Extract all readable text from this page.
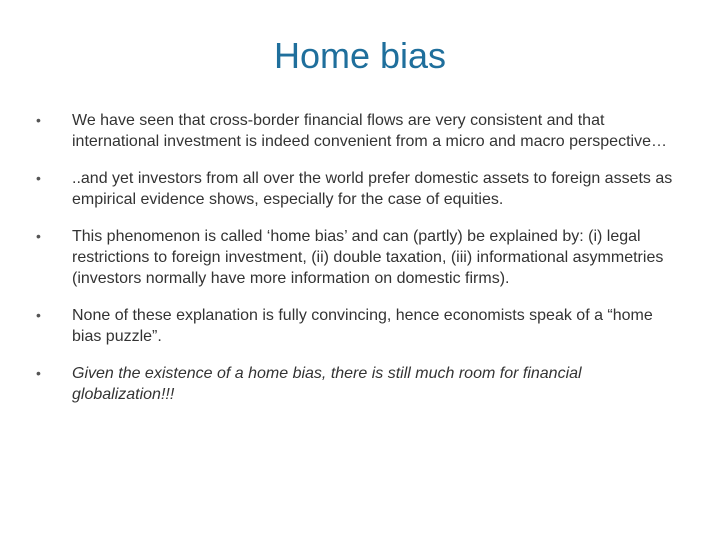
Home bias
• We have seen that cross-border financial flows are very consistent and that international investment is indeed convenient from a micro and macro perspective…
• ..and yet investors from all over the world prefer domestic assets to foreign assets as empirical evidence shows, especially for the case of equities.
• This phenomenon is called ‘home bias’ and can (partly) be explained by: (i) legal restrictions to foreign investment, (ii) double taxation, (iii) informational asymmetries (investors normally have more information on domestic firms).
• None of these explanation is fully convincing, hence economists speak of a “home bias puzzle”.
• Given the existence of a home bias, there is still much room for financial globalization!!!
